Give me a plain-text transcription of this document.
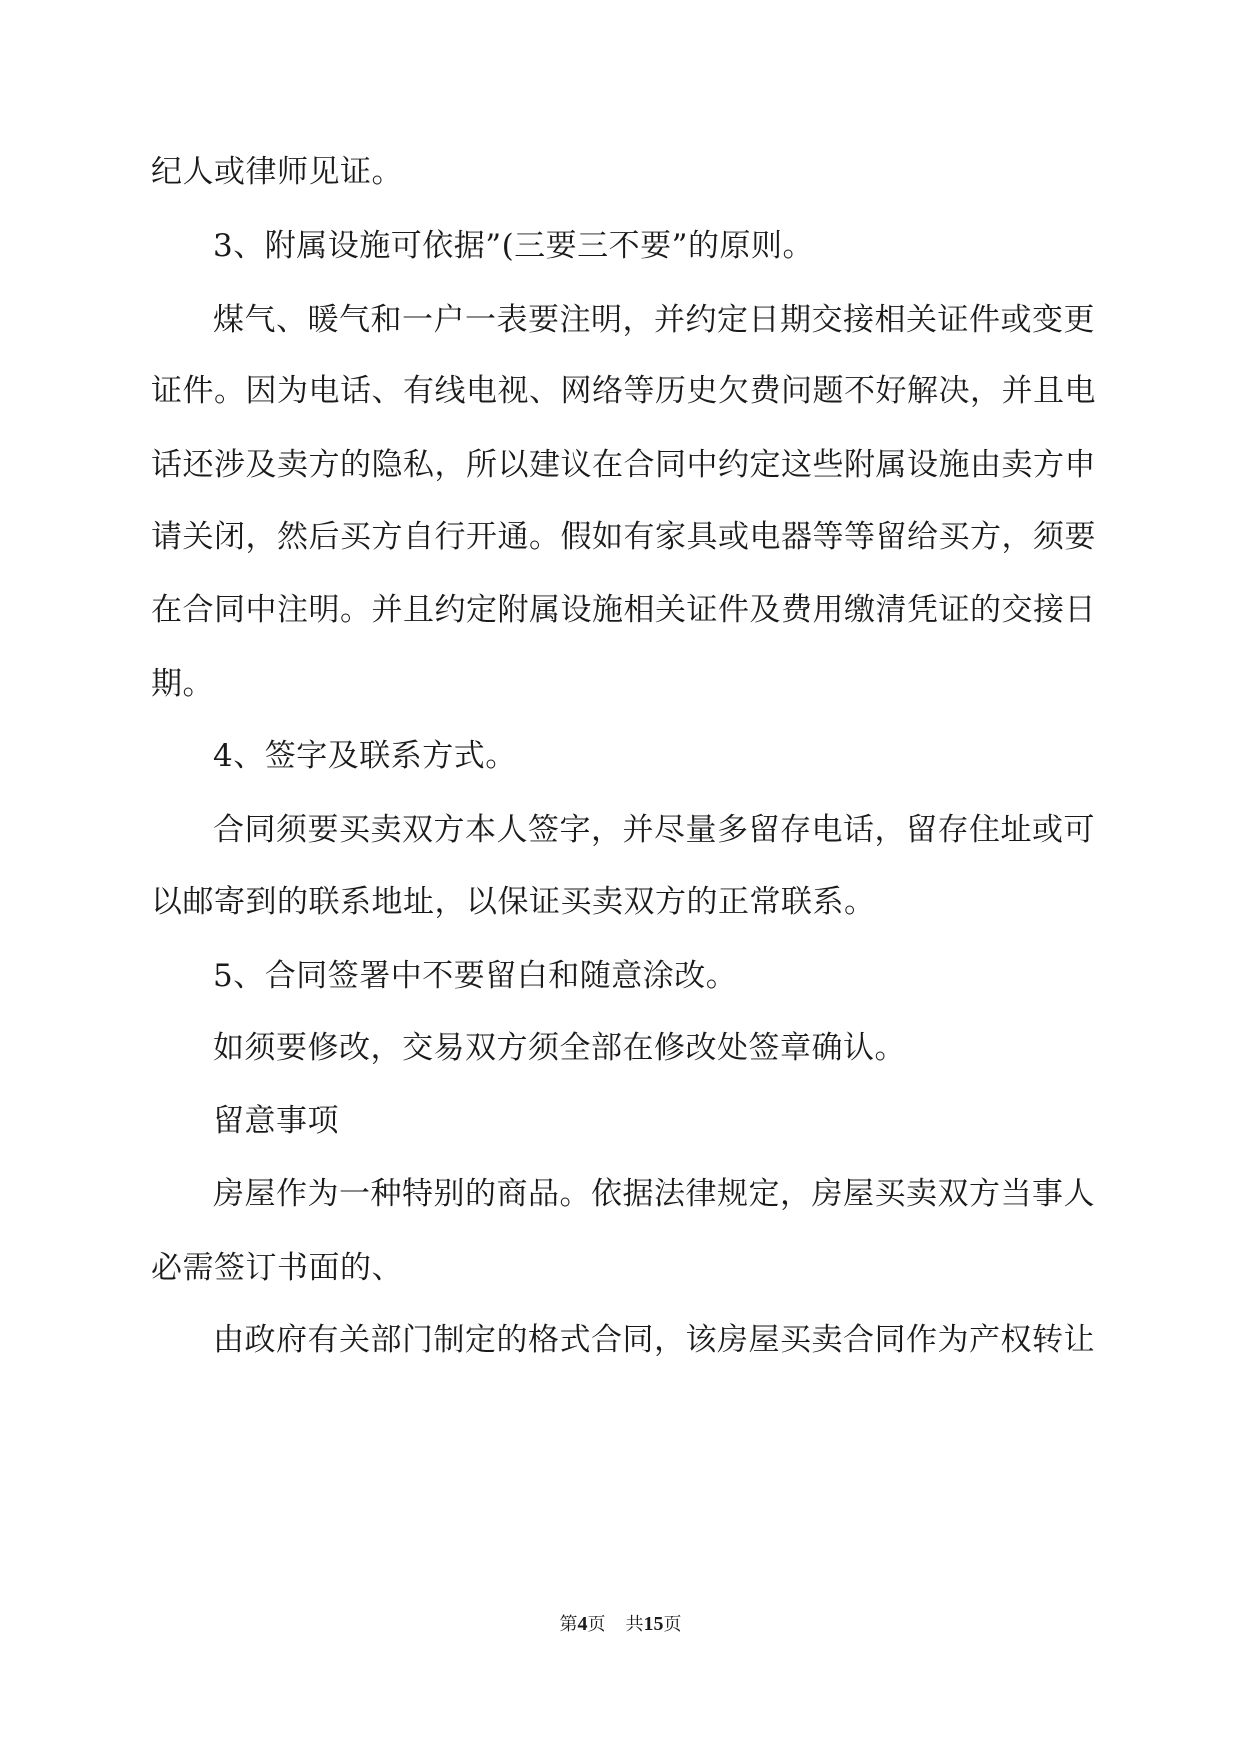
纪人或律师见证。
3、附属设施可依据”(三要三不要”的原则。
煤气、暖气和一户一表要注明，并约定日期交接相关证件或变更
证件。因为电话、有线电视、网络等历史欠费问题不好解决，并且电
话还涉及卖方的隐私，所以建议在合同中约定这些附属设施由卖方申
请关闭，然后买方自行开通。假如有家具或电器等等留给买方，须要
在合同中注明。并且约定附属设施相关证件及费用缴清凭证的交接日
期。
4、签字及联系方式。
合同须要买卖双方本人签字，并尽量多留存电话，留存住址或可
以邮寄到的联系地址，以保证买卖双方的正常联系。
5、合同签署中不要留白和随意涂改。
如须要修改，交易双方须全部在修改处签章确认。
留意事项
房屋作为一种特别的商品。依据法律规定，房屋买卖双方当事人
必需签订书面的、
由政府有关部门制定的格式合同，该房屋买卖合同作为产权转让
第4页 共15页
